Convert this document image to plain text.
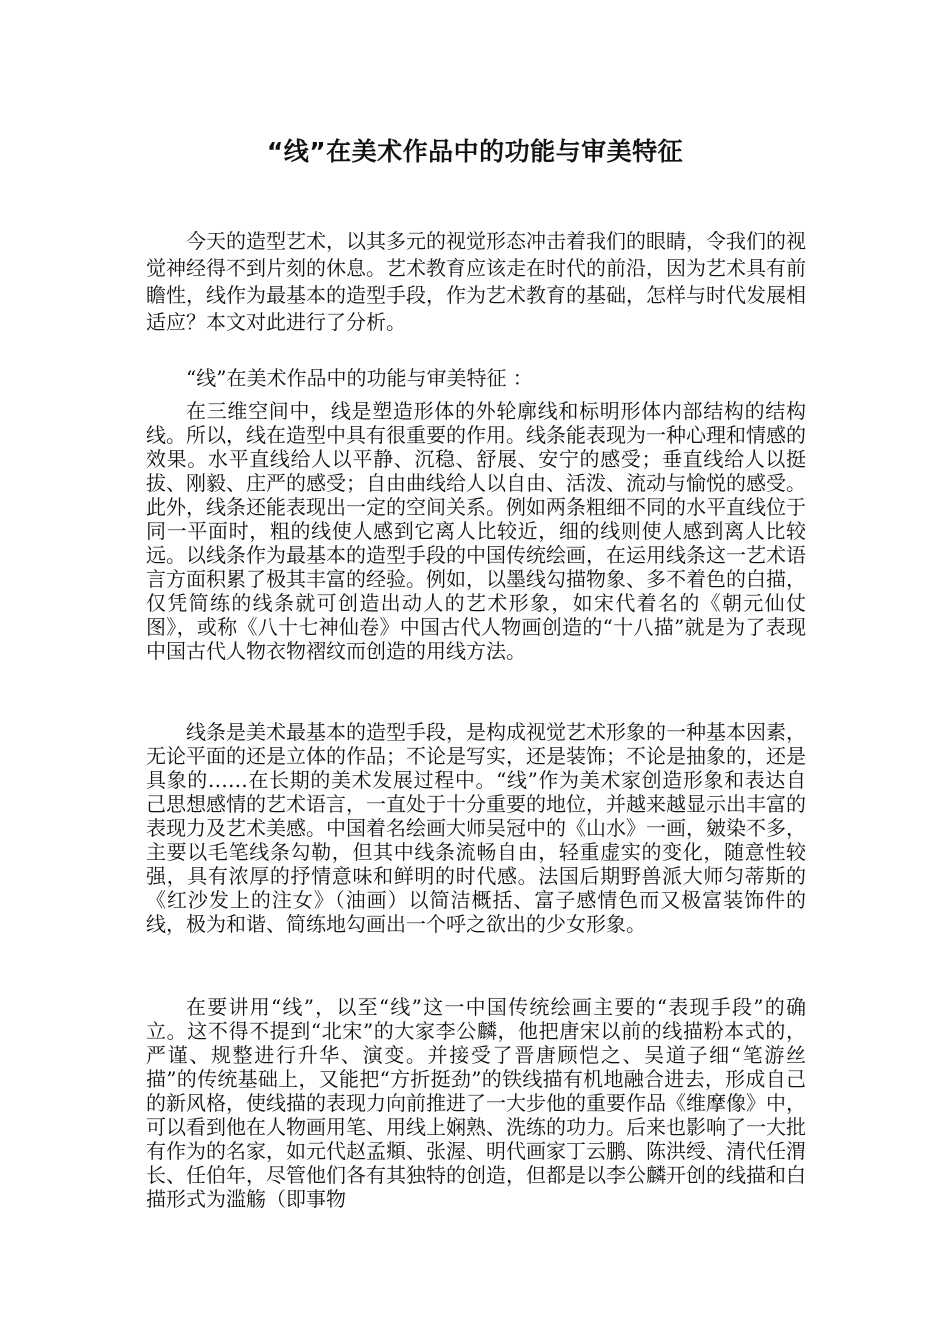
“线”在美术作品中的功能与审美特征
今天的造型艺术，以其多元的视觉形态冲击着我们的眼睛，令我们的视觉神经得不到片刻的休息。艺术教育应该走在时代的前沿，因为艺术具有前瞻性，线作为最基本的造型手段，作为艺术教育的基础，怎样与时代发展相适应？本文对此进行了分析。
“线”在美术作品中的功能与审美特征 ：
在三维空间中，线是塑造形体的外轮廓线和标明形体内部结构的结构线。所以，线在造型中具有很重要的作用。线条能表现为一种心理和情感的效果。水平直线给人以平静、沉稳、舒展、安宁的感受；垂直线给人以挺拔、刚毅、庄严的感受；自由曲线给人以自由、活泼、流动与愉悦的感受。此外，线条还能表现出一定的空间关系。例如两条粗细不同的水平直线位于同一平面时，粗的线使人感到它离人比较近，细的线则使人感到离人比较远。以线条作为最基本的造型手段的中国传统绘画，在运用线条这一艺术语言方面积累了极其丰富的经验。例如，以墨线勾描物象、多不着色的白描，仅凭简练的线条就可创造出动人的艺术形象，如宋代着名的《朝元仙仗图》，或称《八十七神仙卷》中国古代人物画创造的“十八描”就是为了表现中国古代人物衣物褶纹而创造的用线方法。
线条是美术最基本的造型手段，是构成视觉艺术形象的一种基本因素，无论平面的还是立体的作品；不论是写实，还是装饰；不论是抽象的，还是具象的……在长期的美术发展过程中。“线”作为美术家创造形象和表达自己思想感情的艺术语言，一直处于十分重要的地位，并越来越显示出丰富的表现力及艺术美感。中国着名绘画大师吴冠中的《山水》一画，皴染不多，主要以毛笔线条勾勒，但其中线条流畅自由，轻重虚实的变化，随意性较强，具有浓厚的抒情意味和鲜明的时代感。法国后期野兽派大师匀蒂斯的《红沙发上的注女》（油画）以简洁概括、富子感情色而又极富装饰件的线，极为和谐、简练地勾画出一个呼之欲出的少女形象。
在要讲用“线”，以至“线”这一中国传统绘画主要的“表现手段”的确立。这不得不提到“北宋”的大家李公麟，他把唐宋以前的线描粉本式的，严谨、规整进行升华、演变。并接受了晋唐顾恺之、吴道子细“笔游丝描”的传统基础上，又能把“方折挺劲”的铁线描有机地融合进去，形成自己的新风格，使线描的表现力向前推进了一大步他的重要作品《维摩像》中，可以看到他在人物画用笔、用线上娴熟、洗练的功力。后来也影响了一大批有作为的名家，如元代赵孟頫、张渥、明代画家丁云鹏、陈洪绶、清代任渭长、任伯年，尽管他们各有其独特的创造，但都是以李公麟开创的线描和白描形式为滥觞（即事物
